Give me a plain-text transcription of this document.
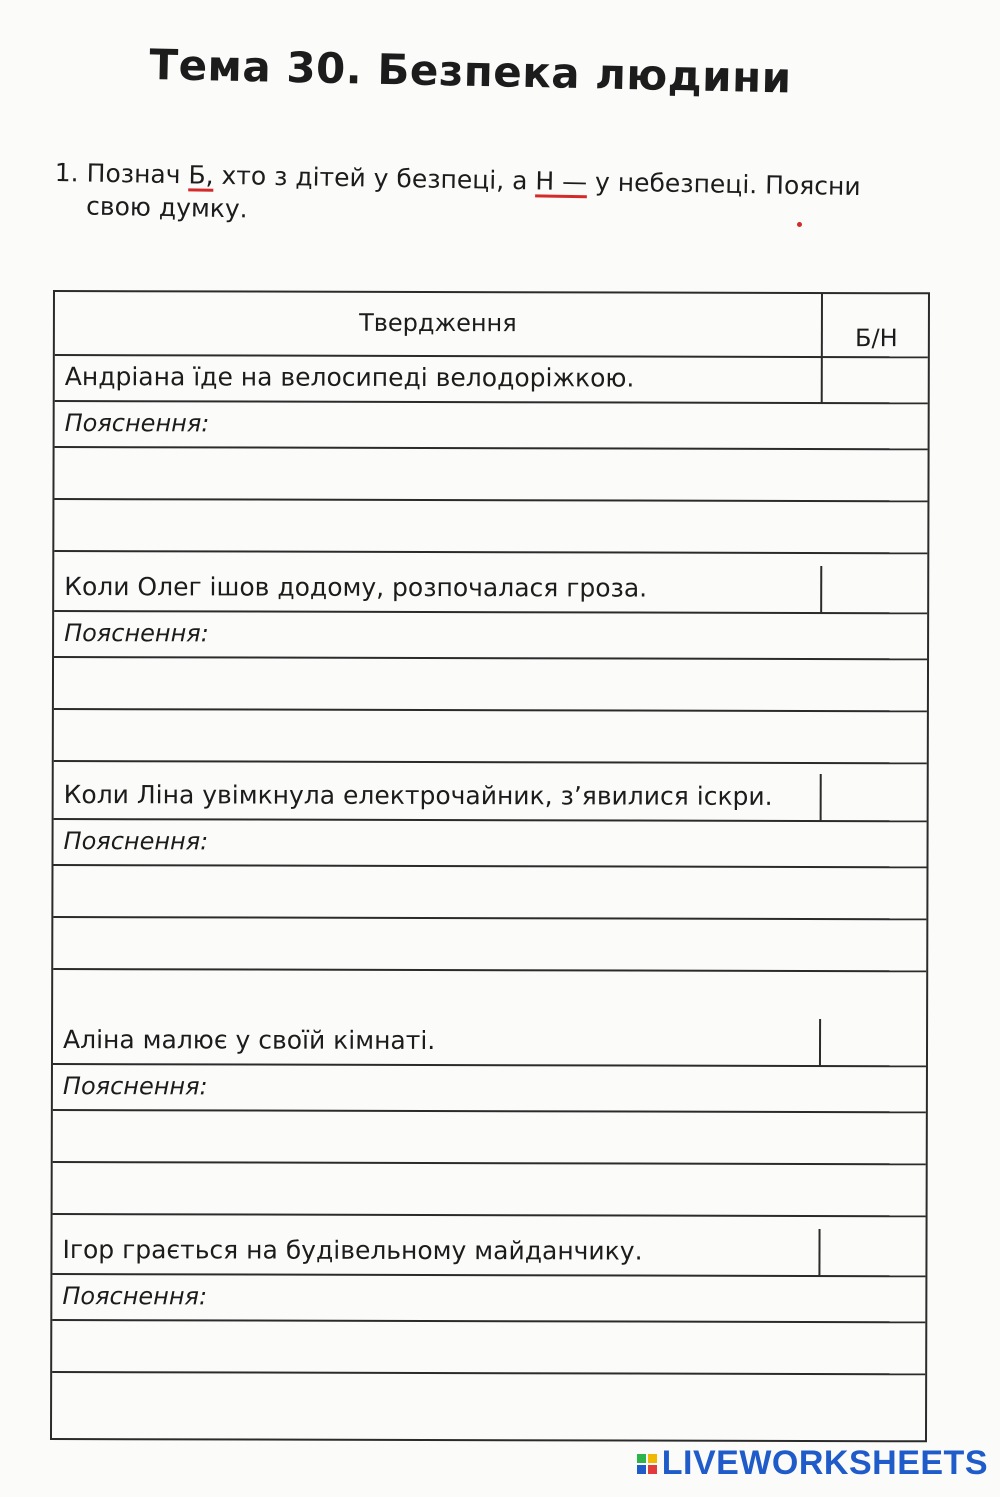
Тема 30. Безпека людини
1. Познач Б, хто з дітей у безпеці, а Н — у небезпеці. Поясни
свою думку.
Твердження
Б/Н
Андріана їде на велосипеді велодоріжкою.
Пояснення:
Коли Олег ішов додому, розпочалася гроза.
Пояснення:
Коли Ліна увімкнула електрочайник, з’явилися іскри.
Пояснення:
Аліна малює у своїй кімнаті.
Пояснення:
Ігор грається на будівельному майданчику.
Пояснення:
LIVEWORKSHEETS
